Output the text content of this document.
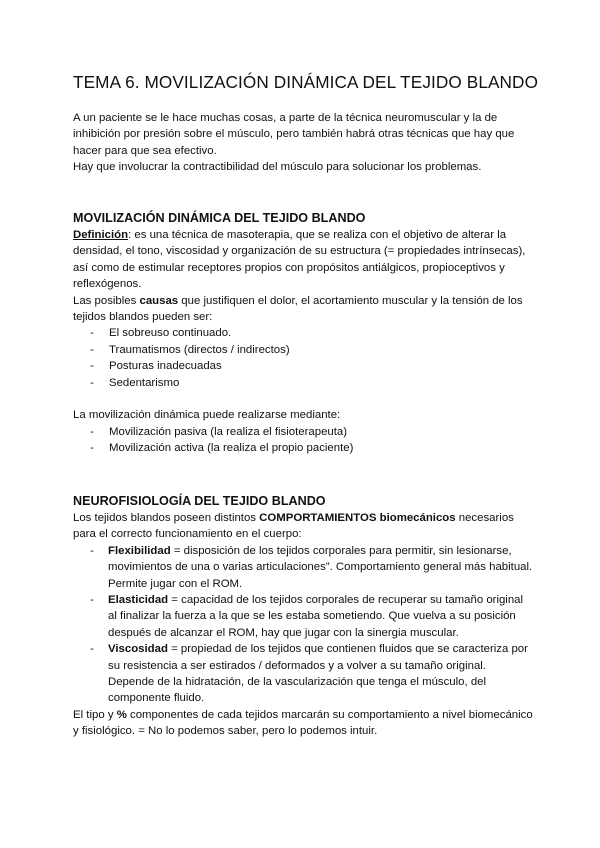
TEMA 6. MOVILIZACIÓN DINÁMICA DEL TEJIDO BLANDO

A un paciente se le hace muchas cosas, a parte de la técnica neuromuscular y la de inhibición por presión sobre el músculo, pero también habrá otras técnicas que hay que hacer para que sea efectivo.

Hay que involucrar la contractibilidad del músculo para solucionar los problemas.

MOVILIZACIÓN DINÁMICA DEL TEJIDO BLANDO

Definición: es una técnica de masoterapia, que se realiza con el objetivo de alterar la densidad, el tono, viscosidad y organización de su estructura (= propiedades intrínsecas), así como de estimular receptores propios con propósitos antiálgicos, propioceptivos y reflexógenos.

Las posibles causas que justifiquen el dolor, el acortamiento muscular y la tensión de los tejidos blandos pueden ser:

- El sobreuso continuado.
- Traumatismos (directos / indirectos)
- Posturas inadecuadas
- Sedentarismo

La movilización dinámica puede realizarse mediante:

- Movilización pasiva (la realiza el fisioterapeuta)
- Movilización activa (la realiza el propio paciente)
NEUROFISIOLOGÍA DEL TEJIDO BLANDO

Los tejidos blandos poseen distintos COMPORTAMIENTOS biomecánicos necesarios para el correcto funcionamiento en el cuerpo:

- Flexibilidad = disposición de los tejidos corporales para permitir, sin lesionarse, movimientos de una o varias articulaciones”. Comportamiento general más habitual. Permite jugar con el ROM.
- Elasticidad = capacidad de los tejidos corporales de recuperar su tamaño original al finalizar la fuerza a la que se les estaba sometiendo. Que vuelva a su posición después de alcanzar el ROM, hay que jugar con la sinergia muscular.
- Viscosidad = propiedad de los tejidos que contienen fluidos que se caracteriza por su resistencia a ser estirados / deformados y a volver a su tamaño original. Depende de la hidratación, de la vascularización que tenga el músculo, del componente fluido.

El tipo y % componentes de cada tejidos marcarán su comportamiento a nivel biomecánico y fisiológico. = No lo podemos saber, pero lo podemos intuir.
